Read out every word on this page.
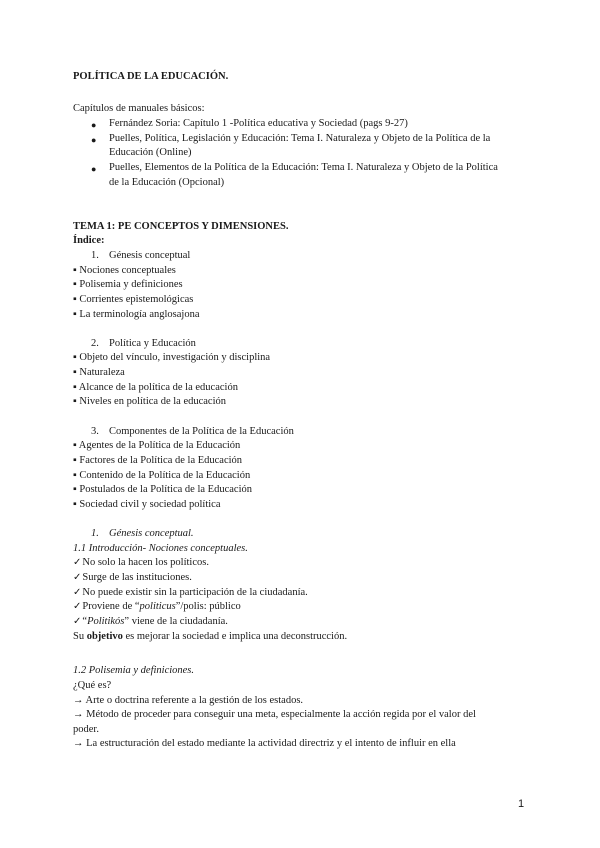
POLÍTICA DE LA EDUCACIÓN.
Capítulos de manuales básicos:
● Fernández Soria: Capítulo 1 -Política educativa y Sociedad (pags 9-27)
● Puelles, Política, Legislación y Educación: Tema I. Naturaleza y Objeto de la Política de la
Educación (Online)
● Puelles, Elementos de la Política de la Educación: Tema I. Naturaleza y Objeto de la Política
de la Educación (Opcional)
TEMA 1: PE CONCEPTOS Y DIMENSIONES.
Índice:
1. Génesis conceptual
▪ Nociones conceptuales
▪ Polisemia y definiciones
▪ Corrientes epistemológicas
▪ La terminología anglosajona
2. Política y Educación
▪ Objeto del vínculo, investigación y disciplina
▪ Naturaleza
▪ Alcance de la política de la educación
▪ Niveles en política de la educación
3. Componentes de la Política de la Educación
▪ Agentes de la Política de la Educación
▪ Factores de la Política de la Educación
▪ Contenido de la Política de la Educación
▪ Postulados de la Política de la Educación
▪ Sociedad civil y sociedad política
1. Génesis conceptual.
1.1 Introducción- Nociones conceptuales.
✓No solo la hacen los políticos.
✓Surge de las instituciones.
✓No puede existir sin la participación de la ciudadanía.
✓Proviene de “politicus”/polis: público
✓“Politikós” viene de la ciudadanía.
Su objetivo es mejorar la sociedad e implica una deconstrucción.
1.2 Polisemia y definiciones.
¿Qué es?
→ Arte o doctrina referente a la gestión de los estados.
→ Método de proceder para conseguir una meta, especialmente la acción regida por el valor del
poder.
→ La estructuración del estado mediante la actividad directriz y el intento de influir en ella
1
